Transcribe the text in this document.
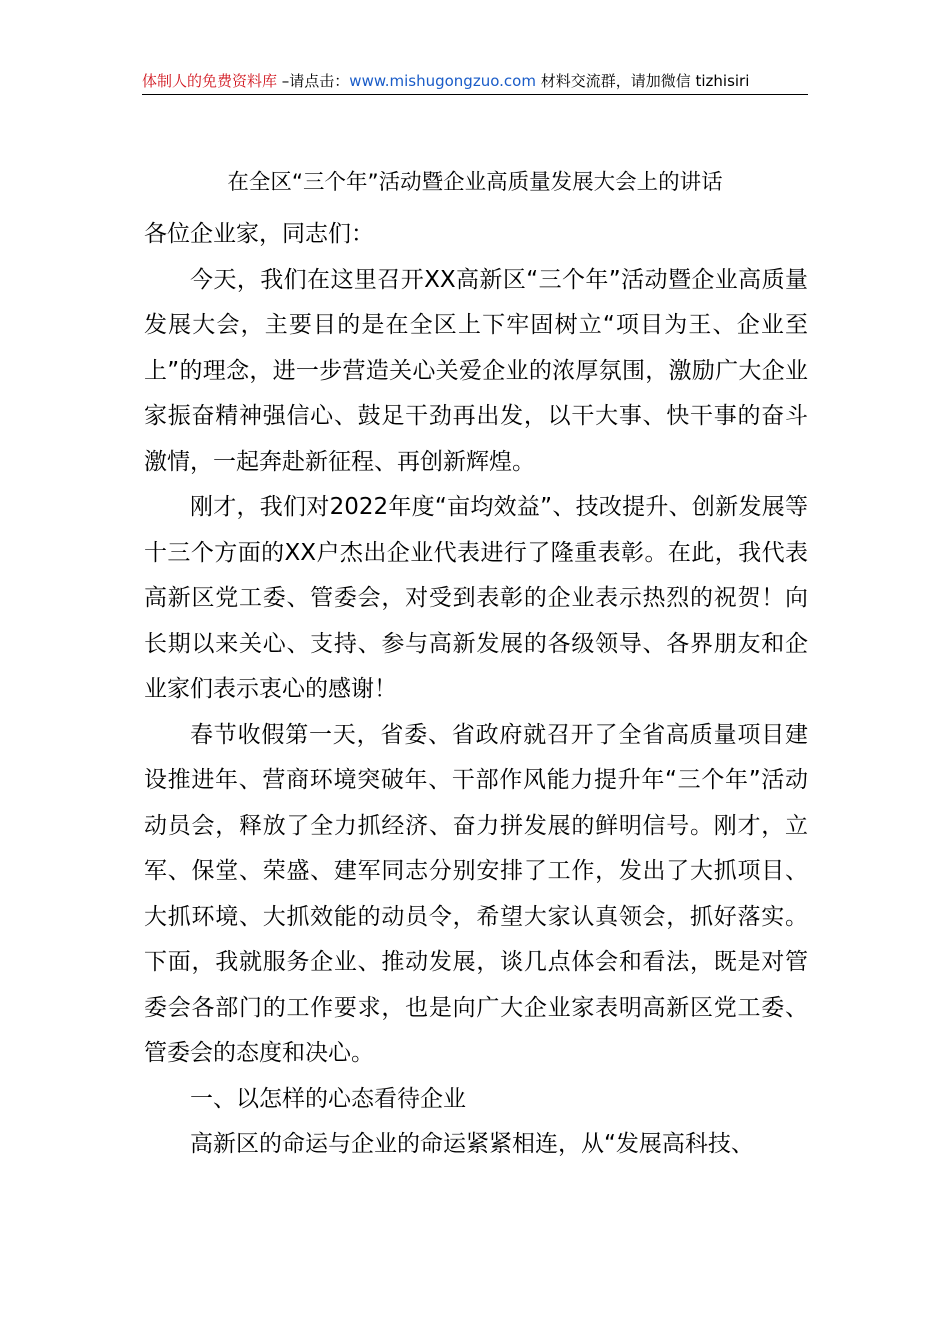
体制人的免费资料库 –请点击：www.mishugongzuo.com 材料交流群，请加微信 tizhisiri
在全区“三个年”活动暨企业高质量发展大会上的讲话

各位企业家，同志们：

今天，我们在这里召开XX高新区“三个年”活动暨企业高质量发展大会，主要目的是在全区上下牢固树立“项目为王、企业至上”的理念，进一步营造关心关爱企业的浓厚氛围，激励广大企业家振奋精神强信心、鼓足干劲再出发，以干大事、快干事的奋斗激情，一起奔赴新征程、再创新辉煌。

刚才，我们对2022年度“亩均效益”、技改提升、创新发展等十三个方面的XX户杰出企业代表进行了隆重表彰。在此，我代表高新区党工委、管委会，对受到表彰的企业表示热烈的祝贺！向长期以来关心、支持、参与高新发展的各级领导、各界朋友和企业家们表示衷心的感谢！

春节收假第一天，省委、省政府就召开了全省高质量项目建设推进年、营商环境突破年、干部作风能力提升年“三个年”活动动员会，释放了全力抓经济、奋力拼发展的鲜明信号。刚才，立军、保堂、荣盛、建军同志分别安排了工作，发出了大抓项目、大抓环境、大抓效能的动员令，希望大家认真领会，抓好落实。下面，我就服务企业、推动发展，谈几点体会和看法，既是对管委会各部门的工作要求，也是向广大企业家表明高新区党工委、管委会的态度和决心。

一、以怎样的心态看待企业

高新区的命运与企业的命运紧紧相连，从“发展高科技、
